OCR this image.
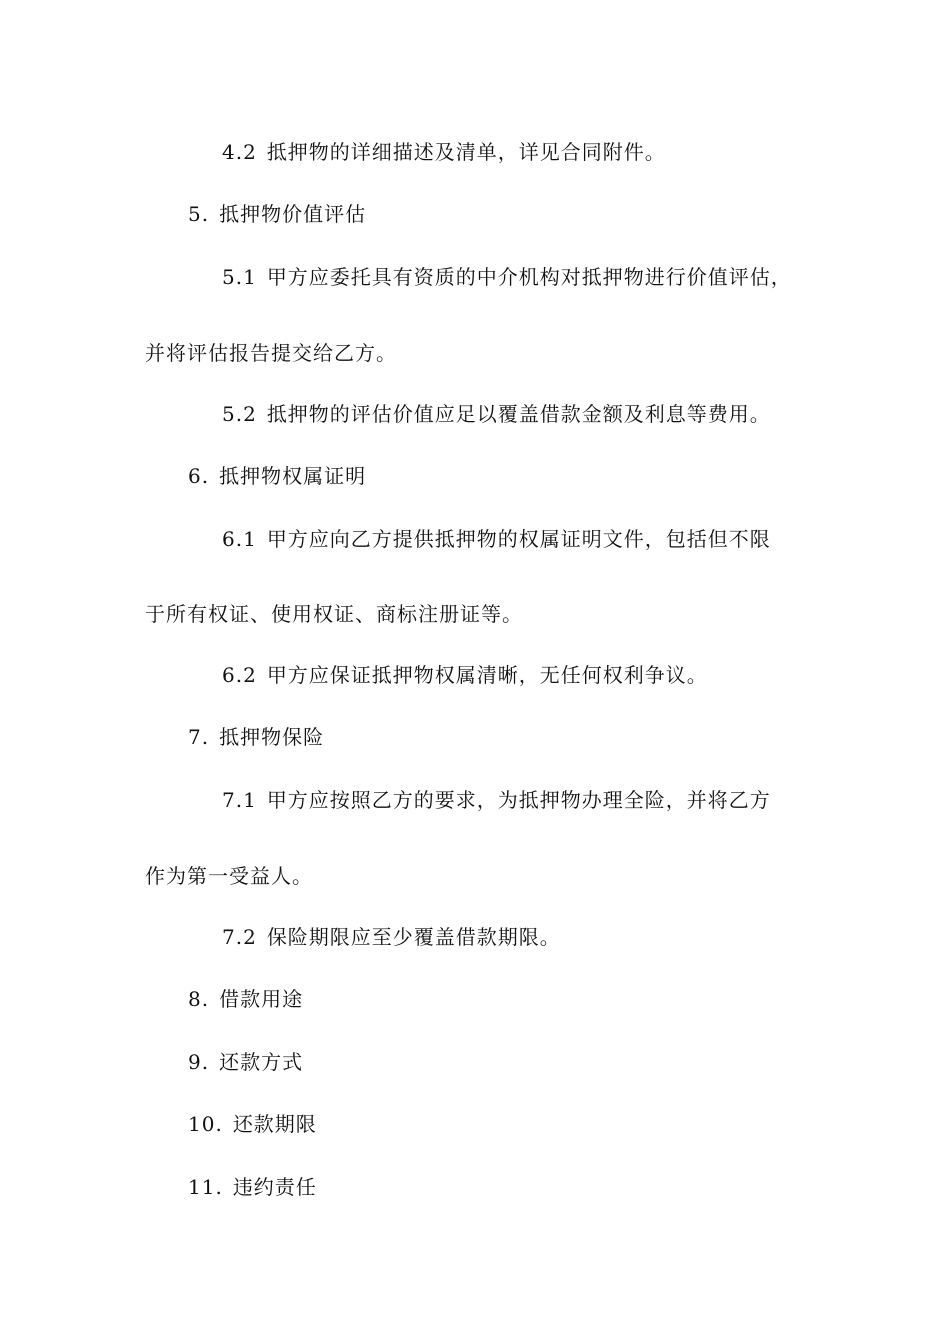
4.2 抵押物的详细描述及清单，详见合同附件。
5. 抵押物价值评估
5.1 甲方应委托具有资质的中介机构对抵押物进行价值评估，
并将评估报告提交给乙方。
5.2 抵押物的评估价值应足以覆盖借款金额及利息等费用。
6. 抵押物权属证明
6.1 甲方应向乙方提供抵押物的权属证明文件，包括但不限
于所有权证、使用权证、商标注册证等。
6.2 甲方应保证抵押物权属清晰，无任何权利争议。
7. 抵押物保险
7.1 甲方应按照乙方的要求，为抵押物办理全险，并将乙方
作为第一受益人。
7.2 保险期限应至少覆盖借款期限。
8. 借款用途
9. 还款方式
10. 还款期限
11. 违约责任
